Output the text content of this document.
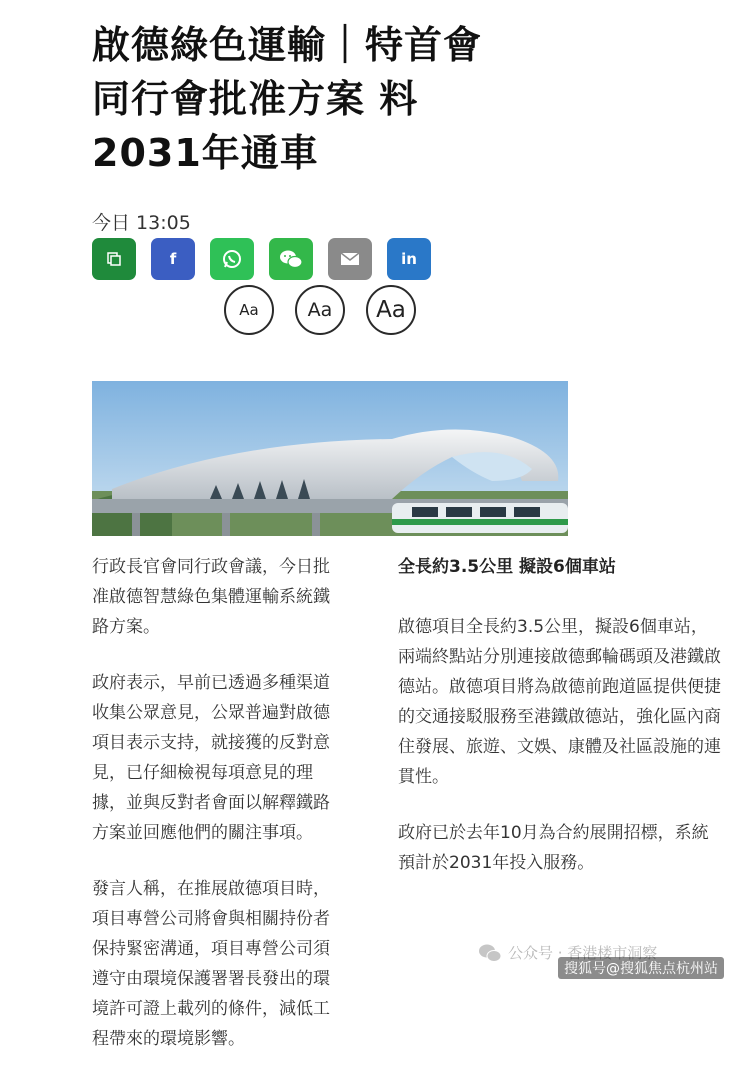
啟德綠色運輸｜特首會
同行會批准方案 料
2031年通車
今日 13:05
f	in
Aa	Aa	Aa

行政長官會同行政會議，今日批准啟德智慧綠色集體運輸系統鐵路方案。

政府表示，早前已透過多種渠道收集公眾意見，公眾普遍對啟德項目表示支持，就接獲的反對意見，已仔細檢視每項意見的理據，並與反對者會面以解釋鐵路方案並回應他們的關注事項。

發言人稱，在推展啟德項目時，項目專營公司將會與相關持份者保持緊密溝通，項目專營公司須遵守由環境保護署署長發出的環境許可證上載列的條件，減低工程帶來的環境影響。

全長約3.5公里 擬設6個車站

啟德項目全長約3.5公里，擬設6個車站，兩端終點站分別連接啟德郵輪碼頭及港鐵啟德站。啟德項目將為啟德前跑道區提供便捷的交通接駁服務至港鐵啟德站，強化區內商住發展、旅遊、文娛、康體及社區設施的連貫性。

政府已於去年10月為合約展開招標，系統預計於2031年投入服務。

公众号 · 香港楼市洞察
搜狐号@搜狐焦点杭州站
